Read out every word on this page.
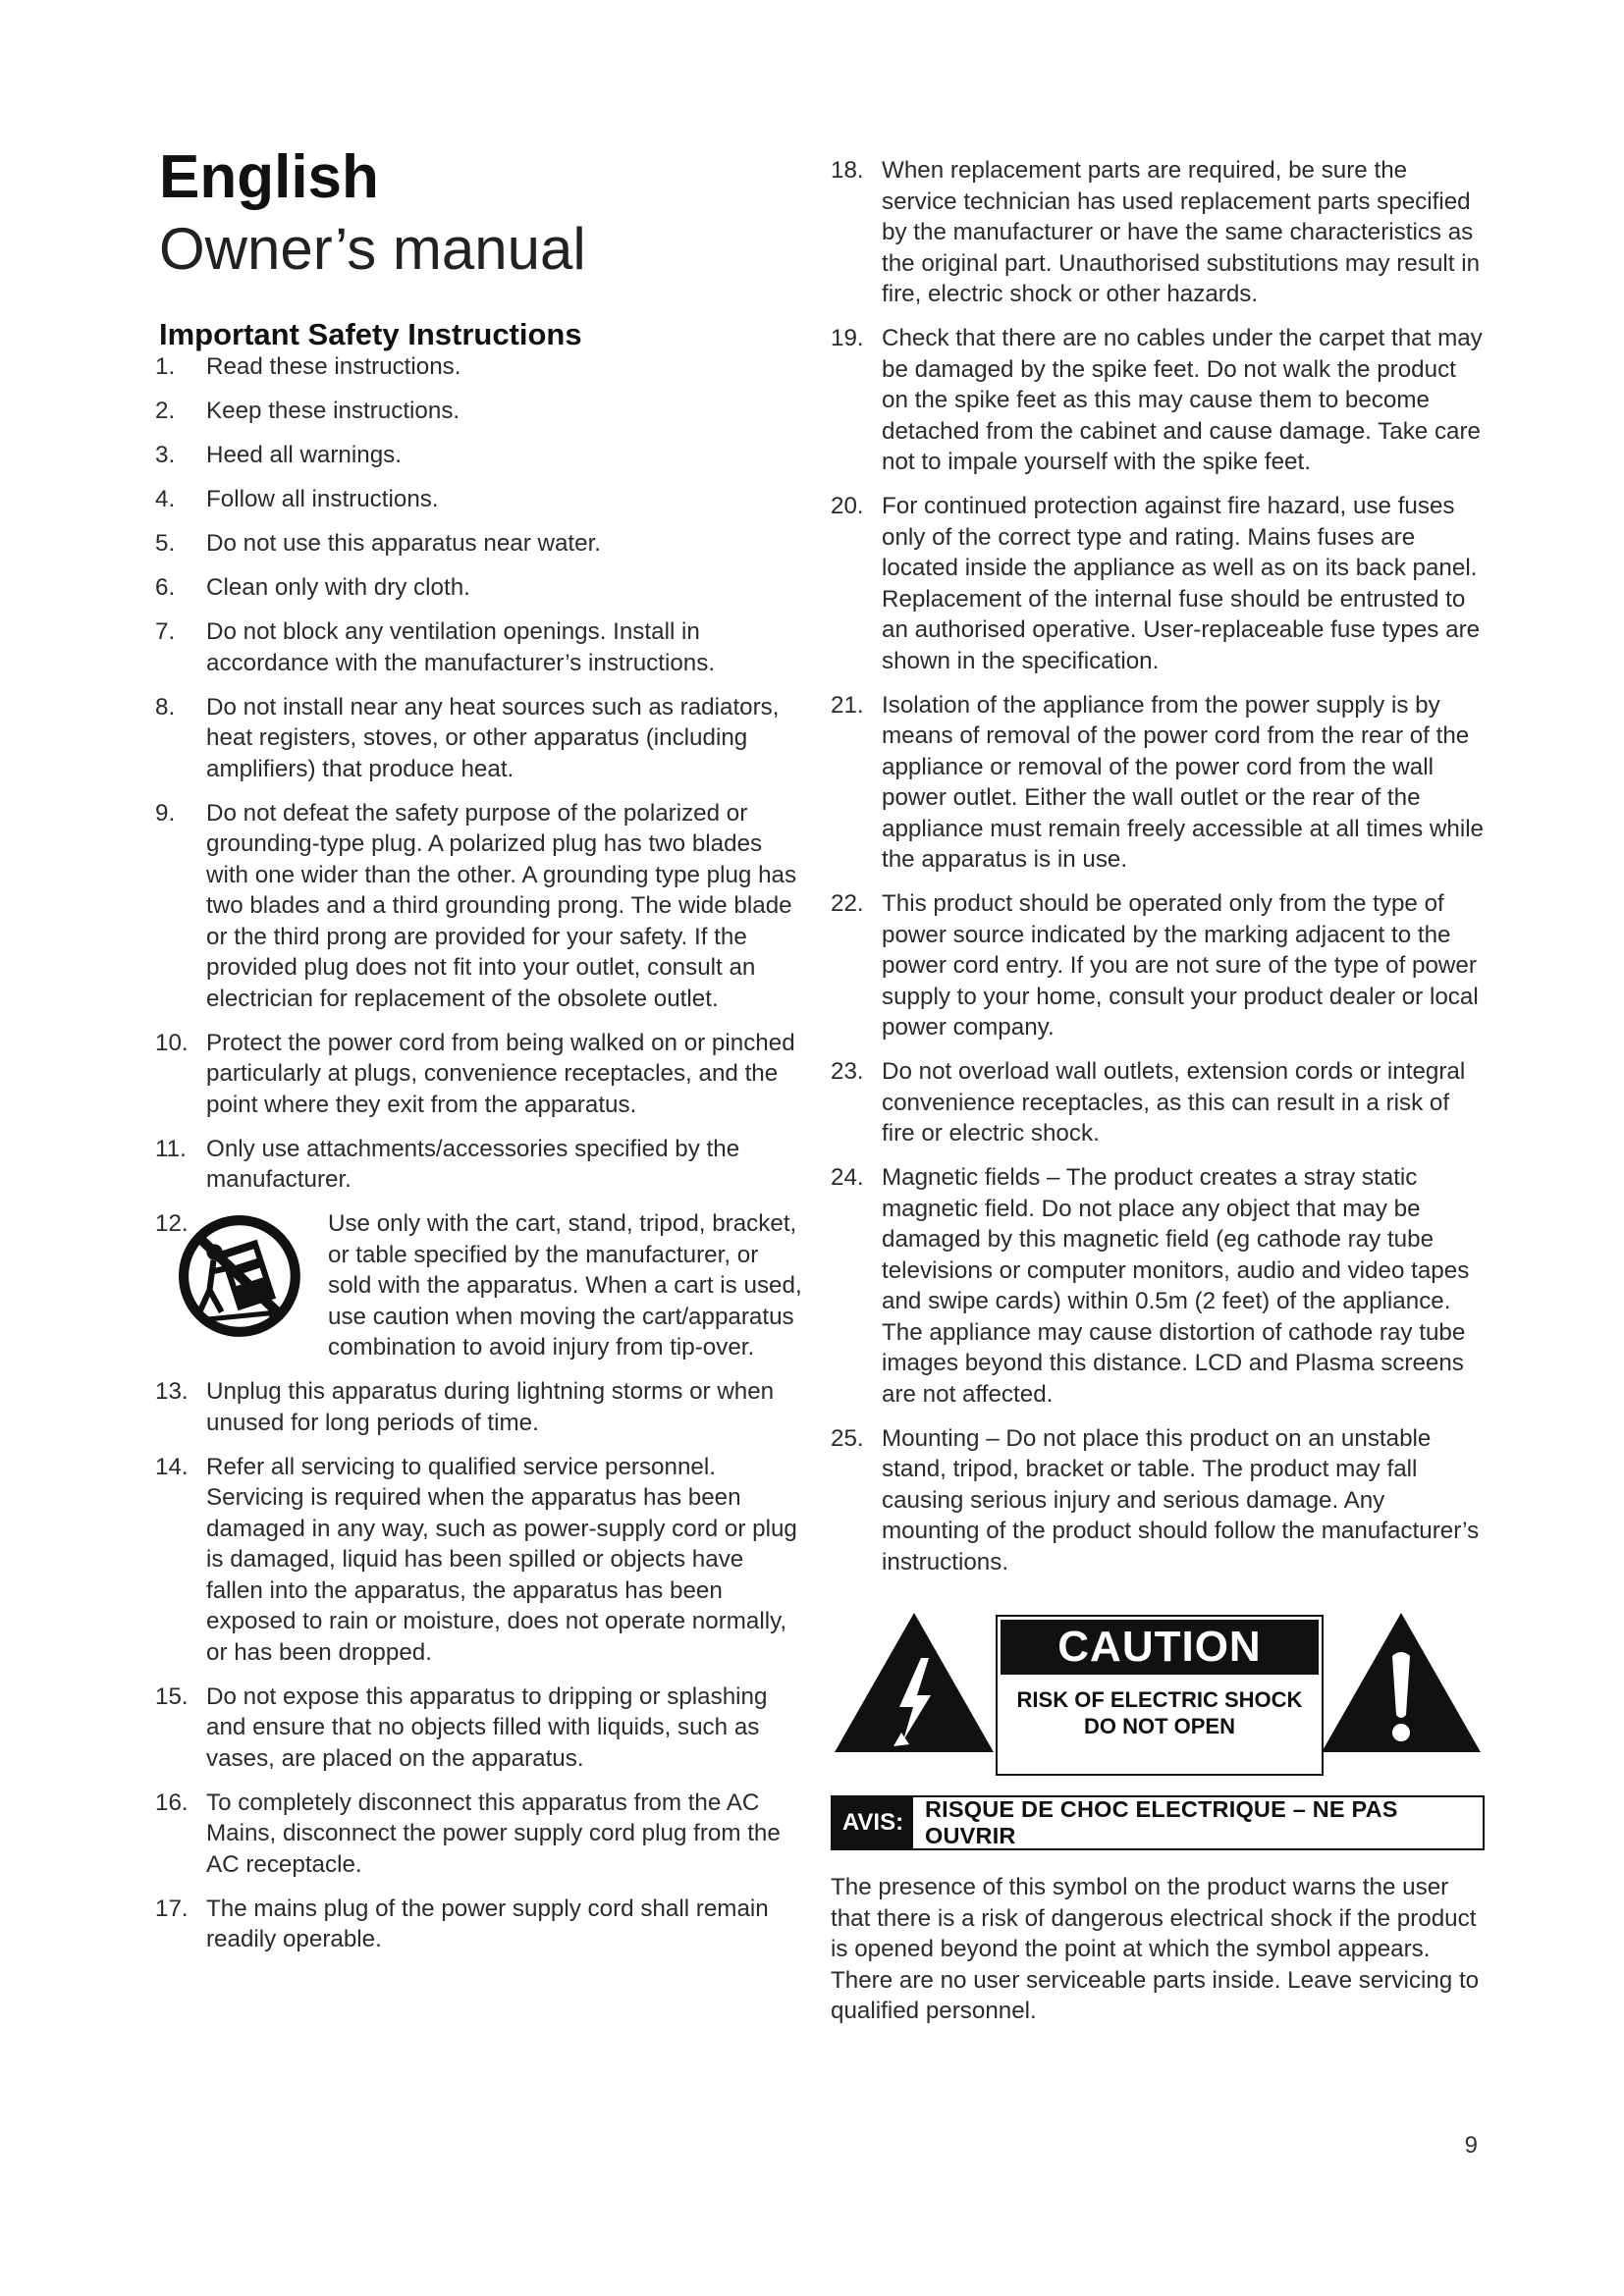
English
Owner’s manual
Important Safety Instructions
1. Read these instructions.
2. Keep these instructions.
3. Heed all warnings.
4. Follow all instructions.
5. Do not use this apparatus near water.
6. Clean only with dry cloth.
7. Do not block any ventilation openings. Install in accordance with the manufacturer’s instructions.
8. Do not install near any heat sources such as radiators, heat registers, stoves, or other apparatus (including amplifiers) that produce heat.
9. Do not defeat the safety purpose of the polarized or grounding-type plug. A polarized plug has two blades with one wider than the other. A grounding type plug has two blades and a third grounding prong. The wide blade or the third prong are provided for your safety. If the provided plug does not fit into your outlet, consult an electrician for replacement of the obsolete outlet.
10. Protect the power cord from being walked on or pinched particularly at plugs, convenience receptacles, and the point where they exit from the apparatus.
11. Only use attachments/accessories specified by the manufacturer.
12.	Use only with the cart, stand, tripod, bracket, or table specified by the manufacturer, or sold with the apparatus. When a cart is used, use caution when moving the cart/apparatus combination to avoid injury from tip-over.
13. Unplug this apparatus during lightning storms or when unused for long periods of time.
14. Refer all servicing to qualified service personnel. Servicing is required when the apparatus has been damaged in any way, such as power-supply cord or plug is damaged, liquid has been spilled or objects have fallen into the apparatus, the apparatus has been exposed to rain or moisture, does not operate normally, or has been dropped.
15. Do not expose this apparatus to dripping or splashing and ensure that no objects filled with liquids, such as vases, are placed on the apparatus.
16. To completely disconnect this apparatus from the AC Mains, disconnect the power supply cord plug from the AC receptacle.
17. The mains plug of the power supply cord shall remain readily operable.
18. When replacement parts are required, be sure the service technician has used replacement parts specified by the manufacturer or have the same characteristics as the original part. Unauthorised substitutions may result in fire, electric shock or other hazards.
19. Check that there are no cables under the carpet that may be damaged by the spike feet. Do not walk the product on the spike feet as this may cause them to become detached from the cabinet and cause damage. Take care not to impale yourself with the spike feet.
20. For continued protection against fire hazard, use fuses only of the correct type and rating. Mains fuses are located inside the appliance as well as on its back panel. Replacement of the internal fuse should be entrusted to an authorised operative. User-replaceable fuse types are shown in the specification.
21. Isolation of the appliance from the power supply is by means of removal of the power cord from the rear of the appliance or removal of the power cord from the wall power outlet. Either the wall outlet or the rear of the appliance must remain freely accessible at all times while the apparatus is in use.
22. This product should be operated only from the type of power source indicated by the marking adjacent to the power cord entry. If you are not sure of the type of power supply to your home, consult your product dealer or local power company.
23. Do not overload wall outlets, extension cords or integral convenience receptacles, as this can result in a risk of fire or electric shock.
24. Magnetic fields – The product creates a stray static magnetic field. Do not place any object that may be damaged by this magnetic field (eg cathode ray tube televisions or computer monitors, audio and video tapes and swipe cards) within 0.5m (2 feet) of the appliance. The appliance may cause distortion of cathode ray tube images beyond this distance. LCD and Plasma screens are not affected.
25. Mounting – Do not place this product on an unstable stand, tripod, bracket or table. The product may fall causing serious injury and serious damage. Any mounting of the product should follow the manufacturer’s instructions.
CAUTION
RISK OF ELECTRIC SHOCK
DO NOT OPEN
AVIS: RISQUE DE CHOC ELECTRIQUE – NE PAS OUVRIR

The presence of this symbol on the product warns the user that there is a risk of dangerous electrical shock if the product is opened beyond the point at which the symbol appears. There are no user serviceable parts inside. Leave servicing to qualified personnel.

9
